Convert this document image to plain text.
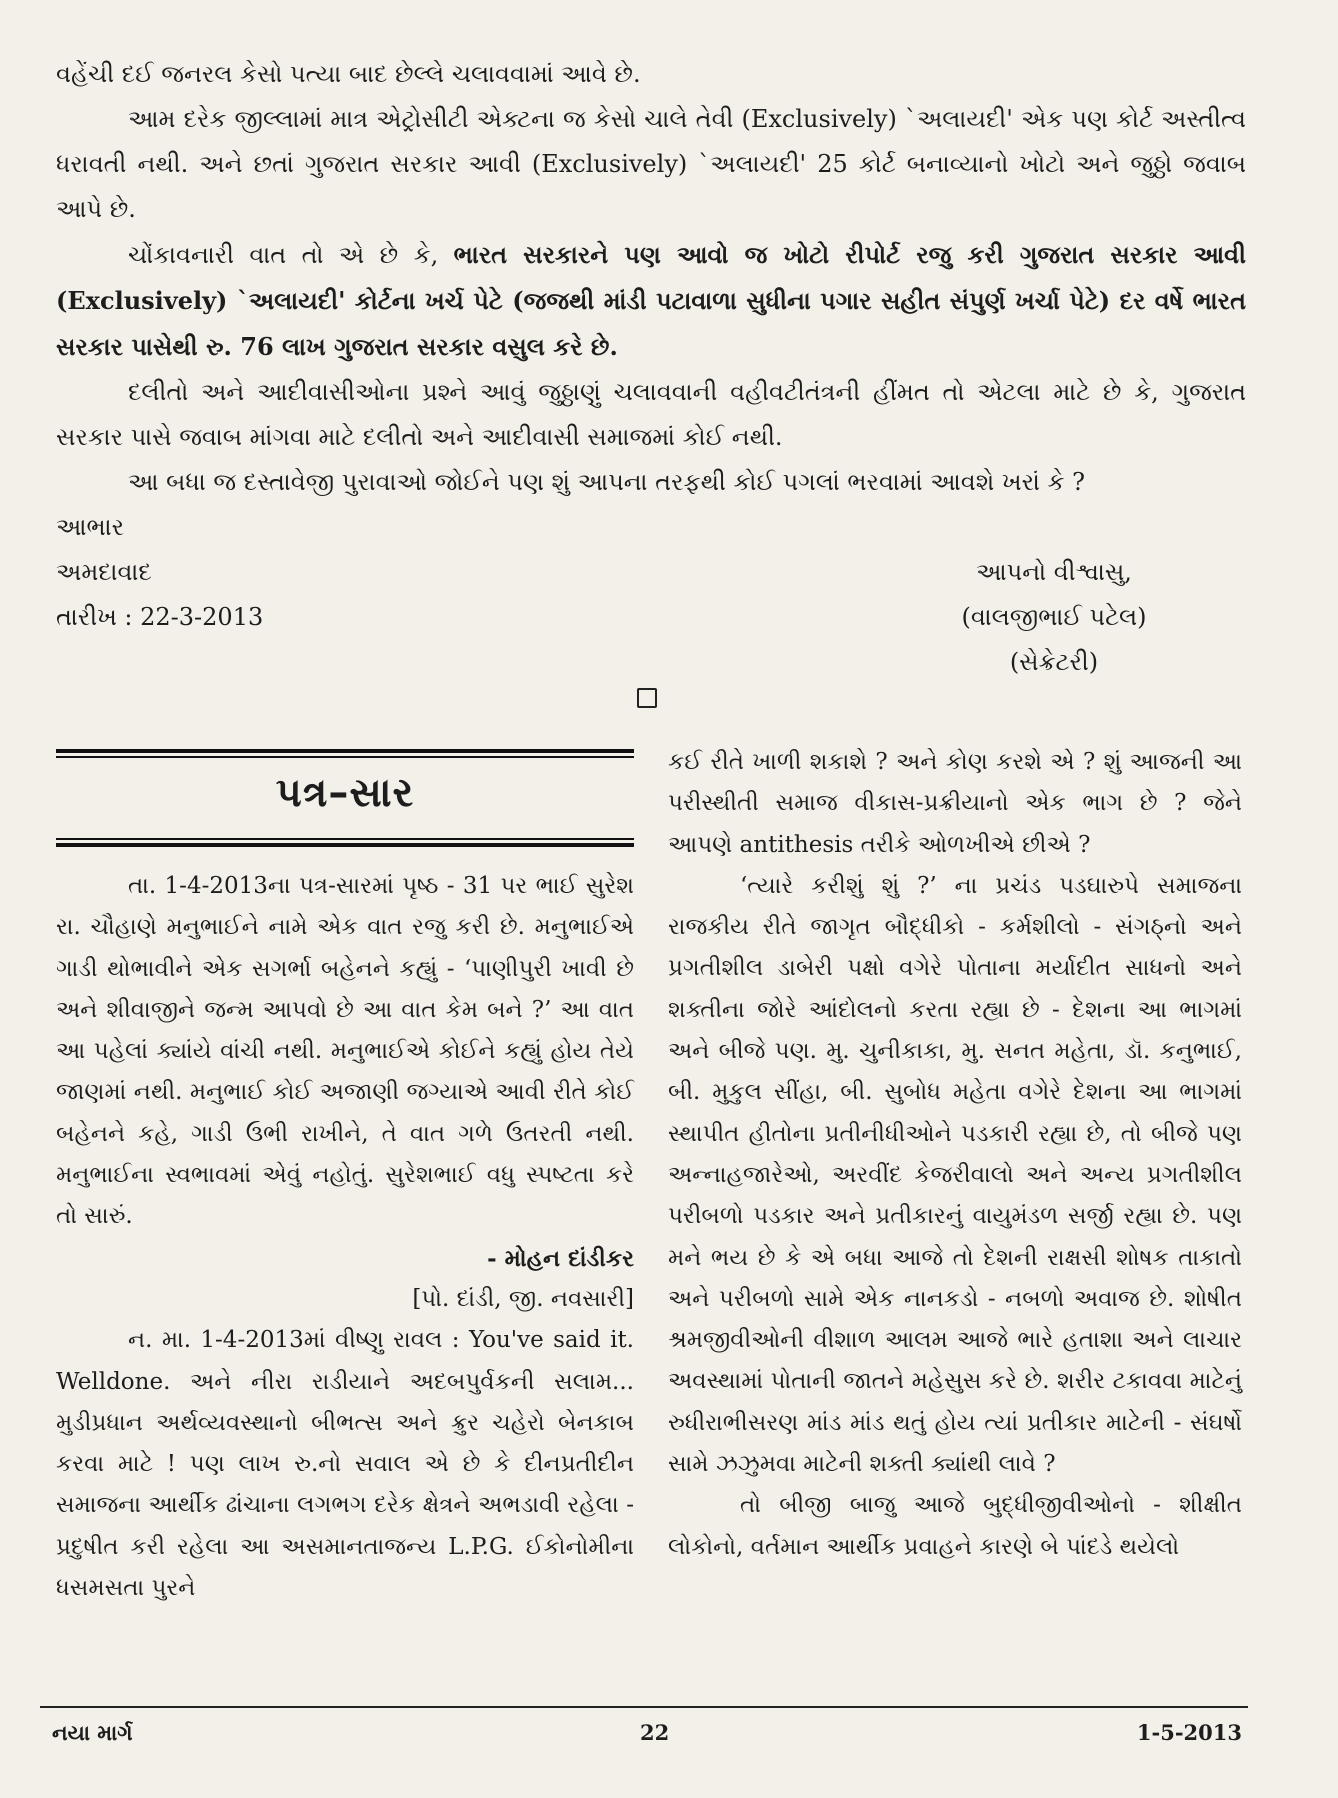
વહેંચી દઈ જનરલ કેસો પત્યા બાદ છેલ્લે ચલાવવામાં આવે છે.

આમ દરેક જીલ્લામાં માત્ર એટ્રોસીટી એક્ટના જ કેસો ચાલે તેવી (Exclusively) `અલાયદી' એક પણ કોર્ટ અસ્તીત્વ ધરાવતી નથી. અને છતાં ગુજરાત સરકાર આવી (Exclusively) `અલાયદી' 25 કોર્ટ બનાવ્યાનો ખોટો અને જુઠ્ઠો જવાબ આપે છે.

ચોંકાવનારી વાત તો એ છે કે, ભારત સરકારને પણ આવો જ ખોટો રીપોર્ટ રજુ કરી ગુજરાત સરકાર આવી (Exclusively) `અલાયદી' કોર્ટના ખર્ચ પેટે (જજથી માંડી પટાવાળા સુધીના પગાર સહીત સંપુર્ણ ખર્ચા પેટે) દર વર્ષે ભારત સરકાર પાસેથી રુ. 76 લાખ ગુજરાત સરકાર વસુલ કરે છે.

દલીતો અને આદીવાસીઓના પ્રશ્ને આવું જુઠ્ઠાણું ચલાવવાની વહીવટીતંત્રની હીંમત તો એટલા માટે છે કે, ગુજરાત સરકાર પાસે જવાબ માંગવા માટે દલીતો અને આદીવાસી સમાજમાં કોઈ નથી.

આ બધા જ દસ્તાવેજી પુરાવાઓ જોઈને પણ શું આપના તરફથી કોઈ પગલાં ભરવામાં આવશે ખરાં કે ?

આભાર

અમદાવાદ	આપનો વીશ્વાસુ,
તારીખ : 22-3-2013	(વાલજીભાઈ પટેલ)
(સેક્રેટરી)
પત્ર–સાર

તા. 1-4-2013ના પત્ર-સારમાં પૃષ્ઠ - 31 પર ભાઈ સુરેશ રા. ચૌહાણે મનુભાઈને નામે એક વાત રજુ કરી છે. મનુભાઈએ ગાડી થોભાવીને એક સગર્ભા બહેનને કહ્યું - ‘પાણીપુરી ખાવી છે અને શીવાજીને જન્મ આપવો છે આ વાત કેમ બને ?’ આ વાત આ પહેલાં ક્યાંયે વાંચી નથી. મનુભાઈએ કોઈને કહ્યું હોય તેયે જાણમાં નથી. મનુભાઈ કોઈ અજાણી જગ્યાએ આવી રીતે કોઈ બહેનને કહે, ગાડી ઉભી રાખીને, તે વાત ગળે ઉતરતી નથી. મનુભાઈના સ્વભાવમાં એવું નહોતું. સુરેશભાઈ વધુ સ્પષ્ટતા કરે તો સારું.

- મોહન દાંડીકર

[પો. દાંડી, જી. નવસારી]

ન. મા. 1-4-2013માં વીષ્ણુ રાવલ : You've said it. Welldone. અને નીરા રાડીયાને અદબપુર્વકની સલામ... મુડીપ્રધાન અર્થવ્યવસ્થાનો બીભત્સ અને ક્રુર ચહેરો બેનકાબ કરવા માટે ! પણ લાખ રુ.નો સવાલ એ છે કે દીનપ્રતીદીન સમાજના આર્થીક ઢાંચાના લગભગ દરેક ક્ષેત્રને અભડાવી રહેલા - પ્રદુષીત કરી રહેલા આ અસમાનતાજન્ય L.P.G. ઈકોનોમીના ધસમસતા પુરને

કઈ રીતે ખાળી શકાશે ? અને કોણ કરશે એ ? શું આજની આ પરીસ્થીતી સમાજ વીકાસ-પ્રક્રીયાનો એક ભાગ છે ? જેને આપણે antithesis તરીકે ઓળખીએ છીએ ?

‘ત્યારે કરીશું શું ?’ ના પ્રચંડ પડઘારુપે સમાજના રાજકીય રીતે જાગૃત બૌદ્ધીકો - કર્મશીલો - સંગઠ્નો અને પ્રગતીશીલ ડાબેરી પક્ષો વગેરે પોતાના મર્યાદીત સાધનો અને શક્તીના જોરે આંદોલનો કરતા રહ્યા છે - દેશના આ ભાગમાં અને બીજે પણ. મુ. ચુનીકાકા, મુ. સનત મહેતા, ડૉ. કનુભાઈ, બી. મુકુલ સીંહા, બી. સુબોધ મહેતા વગેરે દેશના આ ભાગમાં સ્થાપીત હીતોના પ્રતીનીધીઓને પડકારી રહ્યા છે, તો બીજે પણ અન્નાહજારેઓ, અરવીંદ કેજરીવાલો અને અન્ય પ્રગતીશીલ પરીબળો પડકાર અને પ્રતીકારનું વાયુમંડળ સર્જી રહ્યા છે. પણ મને ભય છે કે એ બધા આજે તો દેશની રાક્ષસી શોષક તાકાતો અને પરીબળો સામે એક નાનકડો - નબળો અવાજ છે. શોષીત શ્રમજીવીઓની વીશાળ આલમ આજે ભારે હતાશા અને લાચાર અવસ્થામાં પોતાની જાતને મહેસુસ કરે છે. શરીર ટકાવવા માટેનું રુધીરાભીસરણ માંડ માંડ થતું હોય ત્યાં પ્રતીકાર માટેની - સંઘર્ષો સામે ઝઝુમવા માટેની શક્તી ક્યાંથી લાવે ?

તો બીજી બાજુ આજે બુદ્ધીજીવીઓનો - શીક્ષીત લોકોનો, વર્તમાન આર્થીક પ્રવાહને કારણે બે પાંદડે થયેલો

નયા માર્ગ	22	1-5-2013
